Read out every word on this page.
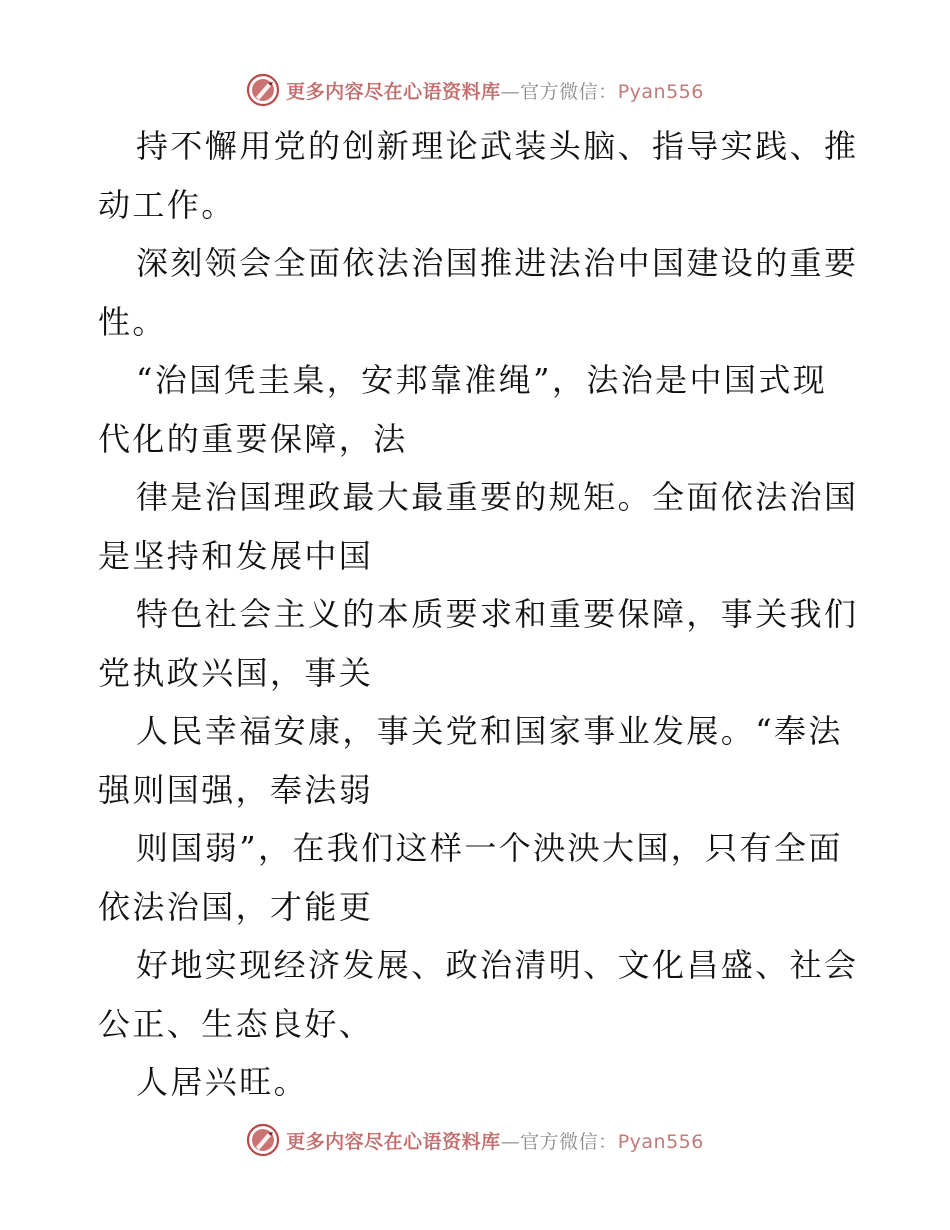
更多内容尽在心语资料库—官方微信：Pyan556
持不懈用党的创新理论武装头脑、指导实践、推
动工作。
深刻领会全面依法治国推进法治中国建设的重要
性。
“治国凭圭臬，安邦靠准绳”，法治是中国式现
代化的重要保障，法
律是治国理政最大最重要的规矩。全面依法治国
是坚持和发展中国
特色社会主义的本质要求和重要保障，事关我们
党执政兴国，事关
人民幸福安康，事关党和国家事业发展。“奉法
强则国强，奉法弱
则国弱”，在我们这样一个泱泱大国，只有全面
依法治国，才能更
好地实现经济发展、政治清明、文化昌盛、社会
公正、生态良好、
人居兴旺。
更多内容尽在心语资料库—官方微信：Pyan556
